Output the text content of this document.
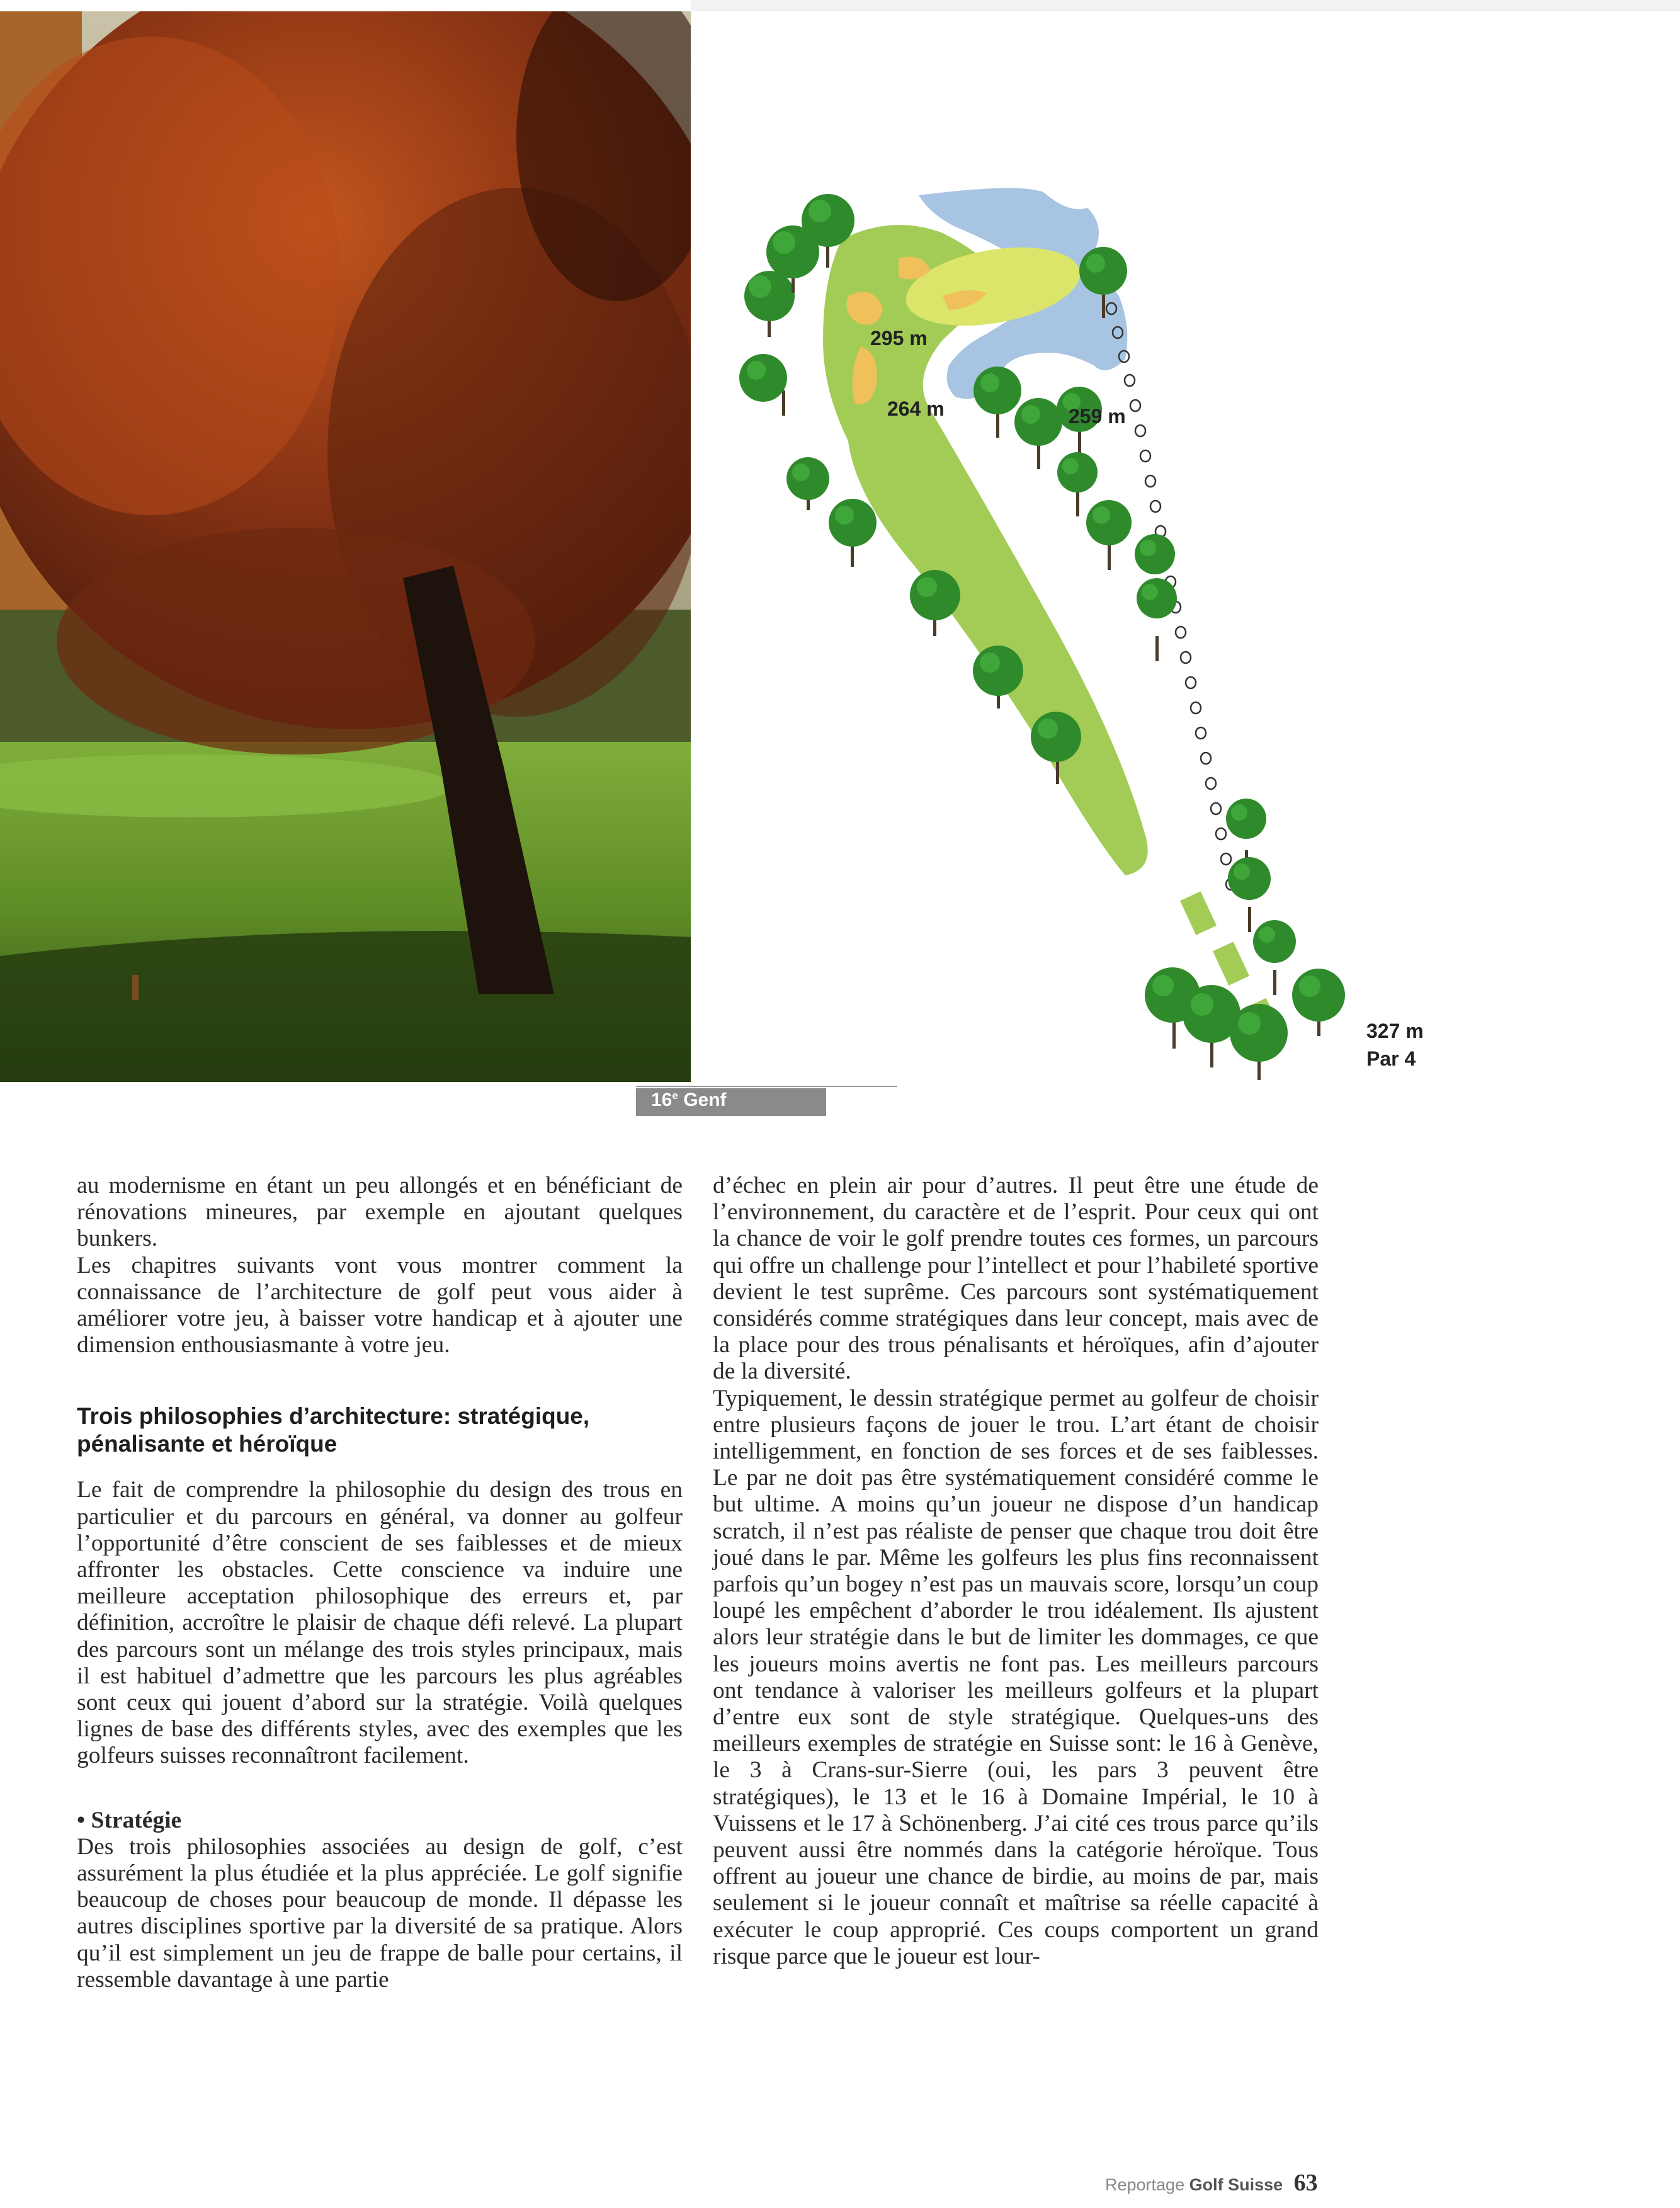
295 m
264 m	259 m
327 m
Par 4
16e Genf

au modernisme en étant un peu allongés et en bénéficiant de rénovations mineures, par exemple en ajoutant quelques bunkers.

Les chapitres suivants vont vous montrer comment la connaissance de l’architecture de golf peut vous aider à améliorer votre jeu, à baisser votre handicap et à ajouter une dimension enthousiasmante à votre jeu.

Trois philosophies d’architecture: stratégique, pénalisante et héroïque

Le fait de comprendre la philosophie du design des trous en particulier et du parcours en général, va donner au golfeur l’opportunité d’être conscient de ses faiblesses et de mieux affronter les obstacles. Cette conscience va induire une meilleure acceptation philosophique des erreurs et, par définition, accroître le plaisir de chaque défi relevé. La plupart des parcours sont un mélange des trois styles principaux, mais il est habituel d’admettre que les parcours les plus agréables sont ceux qui jouent d’abord sur la stratégie. Voilà quelques lignes de base des différents styles, avec des exemples que les golfeurs suisses reconnaîtront facilement.

• Stratégie

Des trois philosophies associées au design de golf, c’est assurément la plus étudiée et la plus appréciée. Le golf signifie beaucoup de choses pour beaucoup de monde. Il dépasse les autres disciplines sportive par la diversité de sa pratique. Alors qu’il est simplement un jeu de frappe de balle pour certains, il ressemble davantage à une partie

d’échec en plein air pour d’autres. Il peut être une étude de l’environnement, du caractère et de l’esprit. Pour ceux qui ont la chance de voir le golf prendre toutes ces formes, un parcours qui offre un challenge pour l’intellect et pour l’habileté sportive devient le test suprême. Ces parcours sont systématiquement considérés comme stratégiques dans leur concept, mais avec de la place pour des trous pénalisants et héroïques, afin d’ajouter de la diversité.

Typiquement, le dessin stratégique permet au golfeur de choisir entre plusieurs façons de jouer le trou. L’art étant de choisir intelligemment, en fonction de ses forces et de ses faiblesses. Le par ne doit pas être systématiquement considéré comme le but ultime. A moins qu’un joueur ne dispose d’un handicap scratch, il n’est pas réaliste de penser que chaque trou doit être joué dans le par. Même les golfeurs les plus fins reconnaissent parfois qu’un bogey n’est pas un mauvais score, lorsqu’un coup loupé les empêchent d’aborder le trou idéalement. Ils ajustent alors leur stratégie dans le but de limiter les dommages, ce que les joueurs moins avertis ne font pas. Les meilleurs parcours ont tendance à valoriser les meilleurs golfeurs et la plupart d’entre eux sont de style stratégique. Quelques-uns des meilleurs exemples de stratégie en Suisse sont: le 16 à Genève, le 3 à Crans-sur-Sierre (oui, les pars 3 peuvent être stratégiques), le 13 et le 16 à Domaine Impérial, le 10 à Vuissens et le 17 à Schönenberg. J’ai cité ces trous parce qu’ils peuvent aussi être nommés dans la catégorie héroïque. Tous offrent au joueur une chance de birdie, au moins de par, mais seulement si le joueur connaît et maîtrise sa réelle capacité à exécuter le coup approprié. Ces coups comportent un grand risque parce que le joueur est lour-

Reportage Golf Suisse 63
